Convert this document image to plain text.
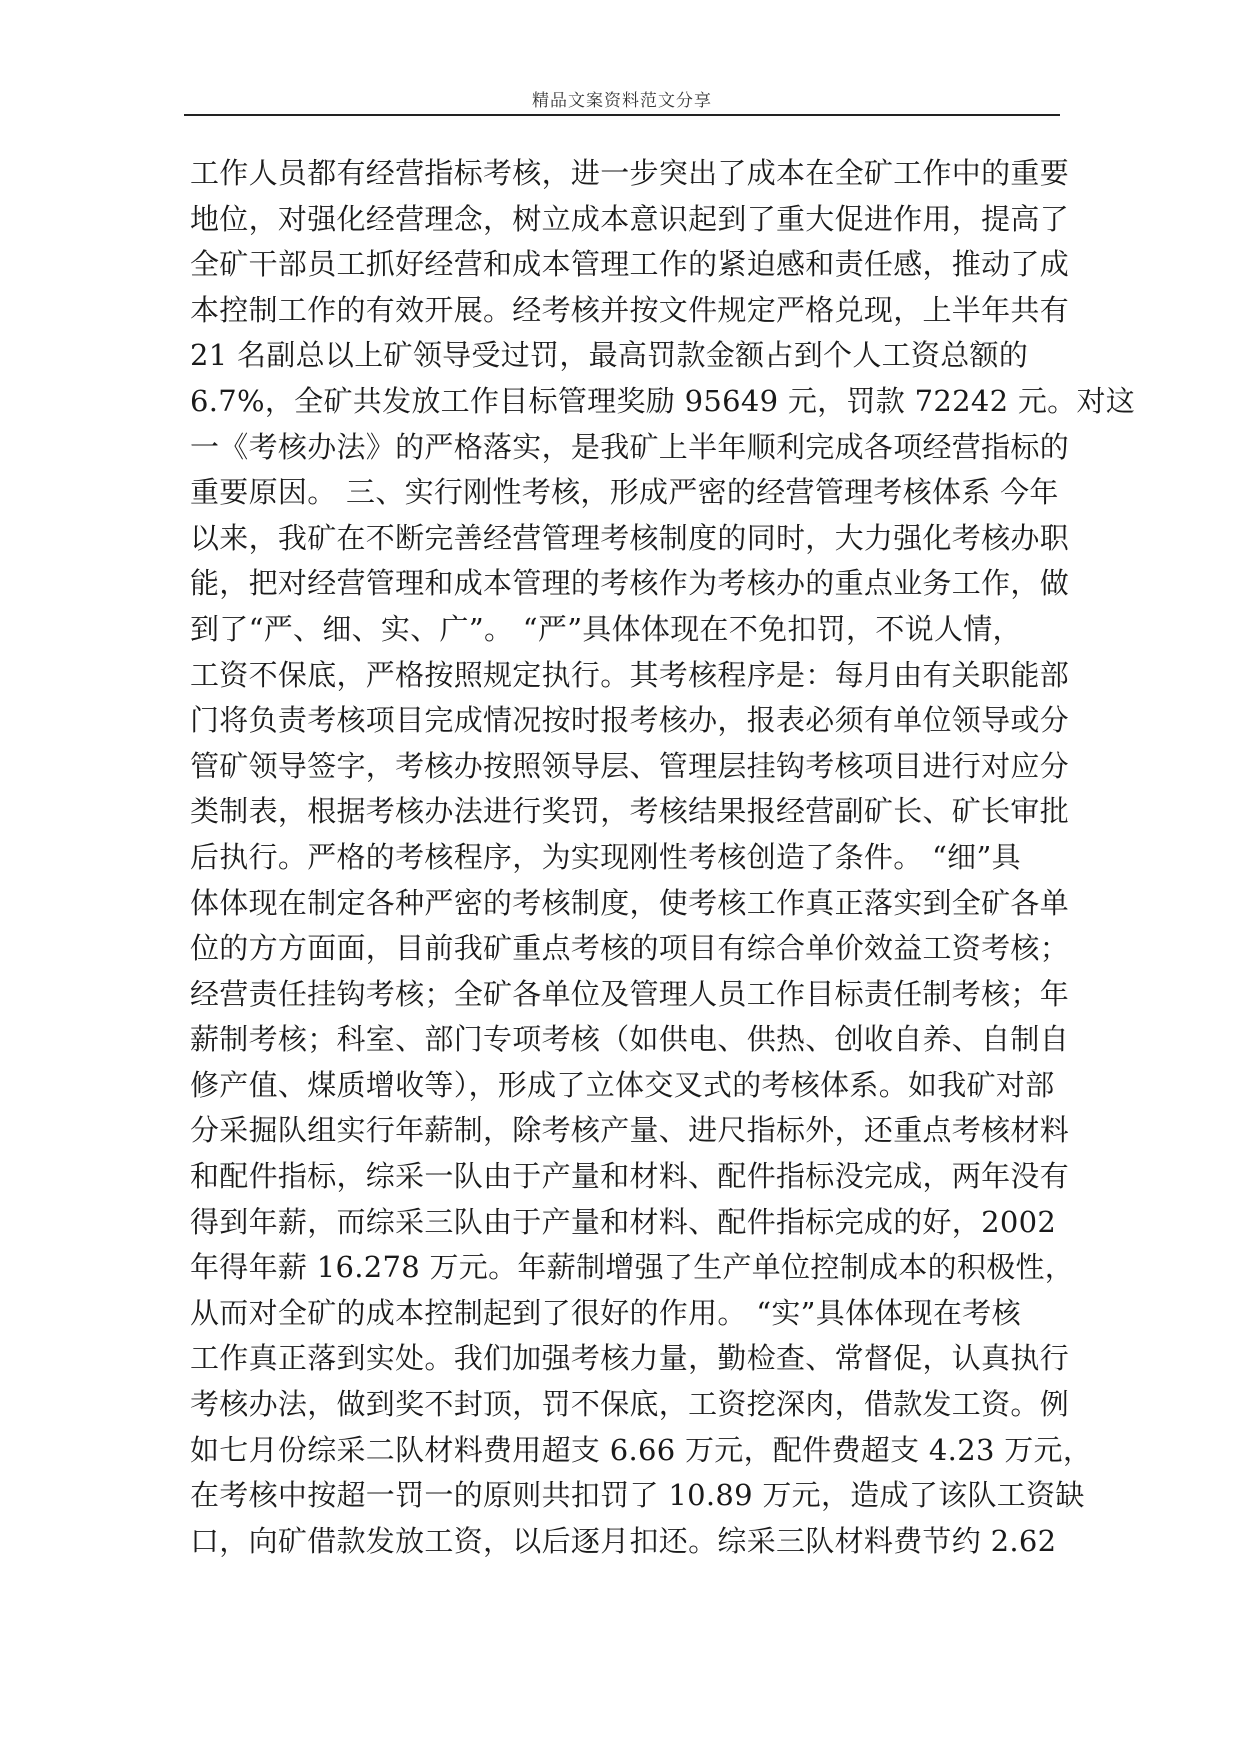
精品文案资料范文分享
工作人员都有经营指标考核，进一步突出了成本在全矿工作中的重要
地位，对强化经营理念，树立成本意识起到了重大促进作用，提高了
全矿干部员工抓好经营和成本管理工作的紧迫感和责任感，推动了成
本控制工作的有效开展。经考核并按文件规定严格兑现，上半年共有
21 名副总以上矿领导受过罚，最高罚款金额占到个人工资总额的
6.7%，全矿共发放工作目标管理奖励 95649 元，罚款 72242 元。对这
一《考核办法》的严格落实，是我矿上半年顺利完成各项经营指标的
重要原因。 三、实行刚性考核，形成严密的经营管理考核体系 今年
以来，我矿在不断完善经营管理考核制度的同时，大力强化考核办职
能，把对经营管理和成本管理的考核作为考核办的重点业务工作，做
到了“严、细、实、广”。 “严”具体体现在不免扣罚，不说人情，
工资不保底，严格按照规定执行。其考核程序是：每月由有关职能部
门将负责考核项目完成情况按时报考核办，报表必须有单位领导或分
管矿领导签字，考核办按照领导层、管理层挂钩考核项目进行对应分
类制表，根据考核办法进行奖罚，考核结果报经营副矿长、矿长审批
后执行。严格的考核程序，为实现刚性考核创造了条件。 “细”具
体体现在制定各种严密的考核制度，使考核工作真正落实到全矿各单
位的方方面面，目前我矿重点考核的项目有综合单价效益工资考核；
经营责任挂钩考核；全矿各单位及管理人员工作目标责任制考核；年
薪制考核；科室、部门专项考核（如供电、供热、创收自养、自制自
修产值、煤质增收等），形成了立体交叉式的考核体系。如我矿对部
分采掘队组实行年薪制，除考核产量、进尺指标外，还重点考核材料
和配件指标，综采一队由于产量和材料、配件指标没完成，两年没有
得到年薪，而综采三队由于产量和材料、配件指标完成的好，2002
年得年薪 16.278 万元。年薪制增强了生产单位控制成本的积极性，
从而对全矿的成本控制起到了很好的作用。 “实”具体体现在考核
工作真正落到实处。我们加强考核力量，勤检查、常督促，认真执行
考核办法，做到奖不封顶，罚不保底，工资挖深肉，借款发工资。例
如七月份综采二队材料费用超支 6.66 万元，配件费超支 4.23 万元，
在考核中按超一罚一的原则共扣罚了 10.89 万元，造成了该队工资缺
口，向矿借款发放工资，以后逐月扣还。综采三队材料费节约 2.62
